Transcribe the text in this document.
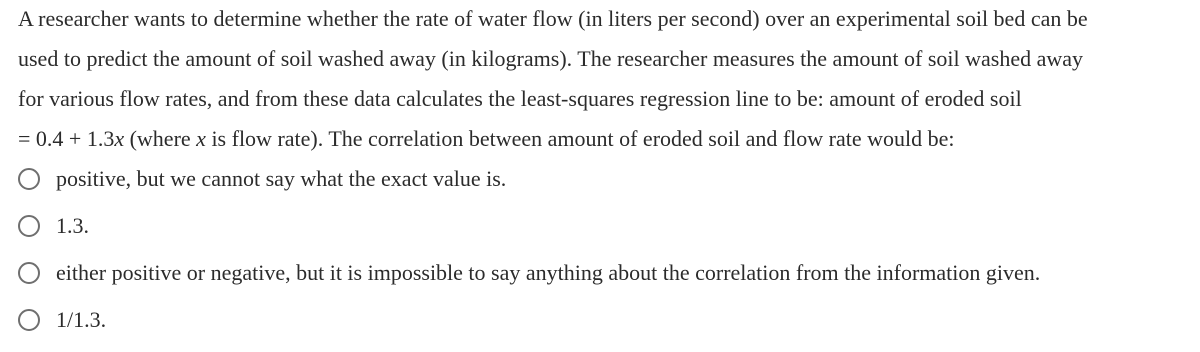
A researcher wants to determine whether the rate of water flow (in liters per second) over an experimental soil bed can be
used to predict the amount of soil washed away (in kilograms). The researcher measures the amount of soil washed away
for various flow rates, and from these data calculates the least-squares regression line to be: amount of eroded soil
= 0.4 + 1.3x (where x is flow rate). The correlation between amount of eroded soil and flow rate would be:
positive, but we cannot say what the exact value is.
1.3.
either positive or negative, but it is impossible to say anything about the correlation from the information given.
1/1.3.
